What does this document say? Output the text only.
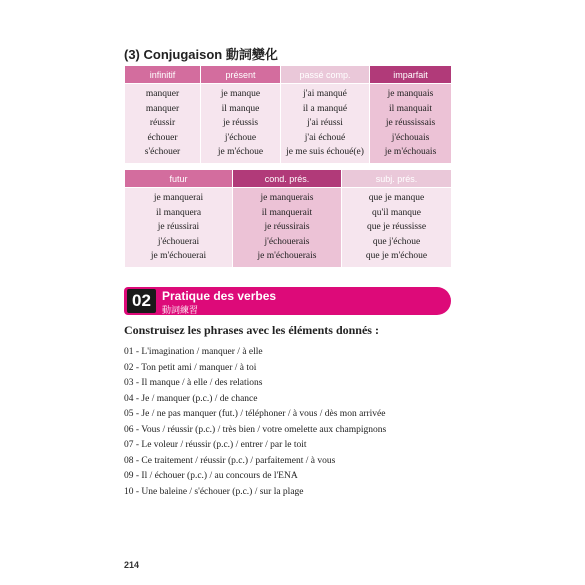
(3) Conjugaison 動詞變化
infinitif	présent	passé comp.	imparfait
manquer	je manque	j'ai manqué	je manquais
manquer	il manque	il a manqué	il manquait
réussir	je réussis	j'ai réussi	je réussissais
échouer	j'échoue	j'ai échoué	j'échouais
s'échouer	je m'échoue	je me suis échoué(e)	je m'échouais
futur	cond. prés.	subj. prés.
je manquerai	je manquerais	que je manque
il manquera	il manquerait	qu'il manque
je réussirai	je réussirais	que je réussisse
j'échouerai	j'échouerais	que j'échoue
je m'échouerai	je m'échouerais	que je m'échoue
02 Pratique des verbes
動詞練習
Construisez les phrases avec les éléments donnés :
01 - L'imagination / manquer / à elle
02 - Ton petit ami / manquer / à toi
03 - Il manque / à elle / des relations
04 - Je / manquer (p.c.) / de chance
05 - Je / ne pas manquer (fut.) / téléphoner / à vous / dès mon arrivée
06 - Vous / réussir (p.c.) / très bien / votre omelette aux champignons
07 - Le voleur / réussir (p.c.) / entrer / par le toit
08 - Ce traitement / réussir (p.c.) / parfaitement / à vous
09 - Il / échouer (p.c.) / au concours de l'ENA
10 - Une baleine / s'échouer (p.c.) / sur la plage
214
